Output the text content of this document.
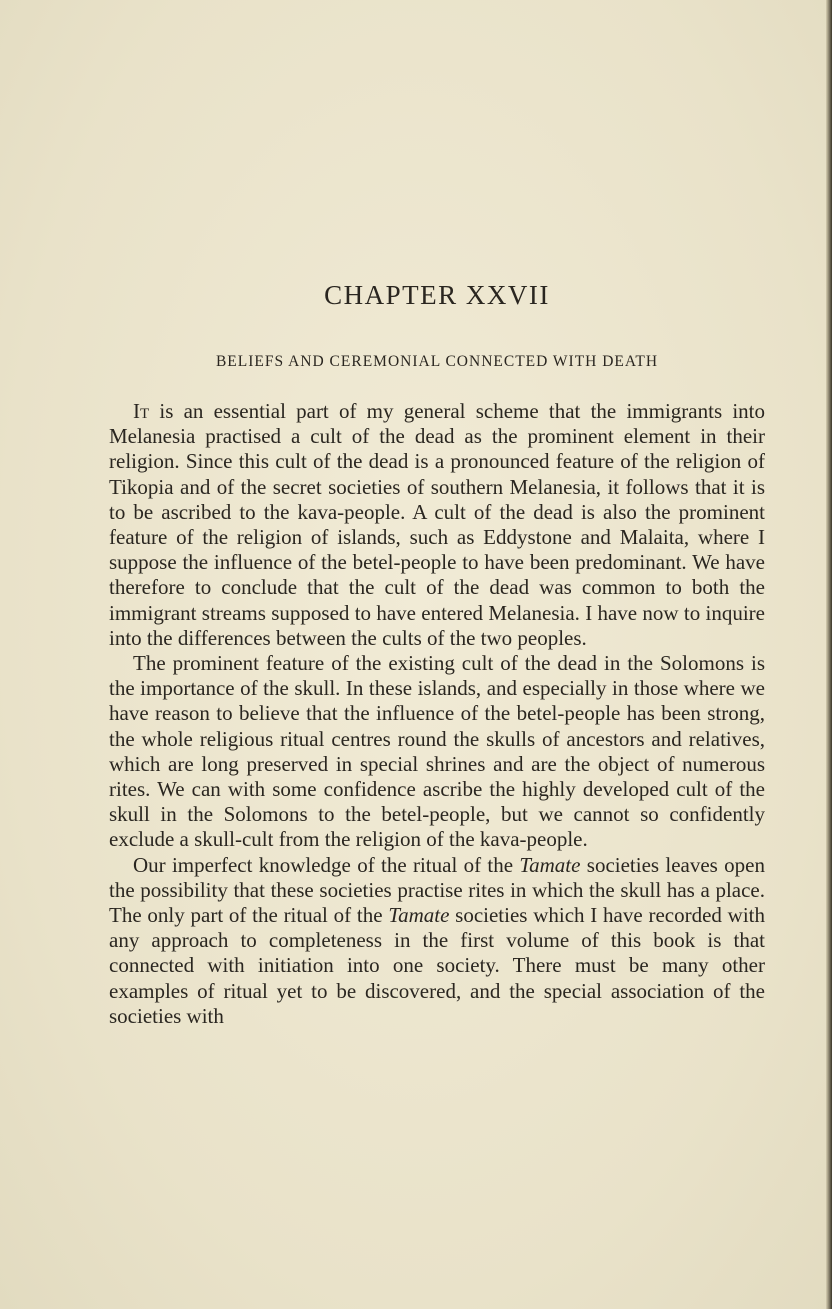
CHAPTER XXVII
BELIEFS AND CEREMONIAL CONNECTED WITH DEATH

It is an essential part of my general scheme that the immigrants into Melanesia practised a cult of the dead as the prominent element in their religion. Since this cult of the dead is a pronounced feature of the religion of Tikopia and of the secret societies of southern Melanesia, it follows that it is to be ascribed to the kava-people. A cult of the dead is also the prominent feature of the religion of islands, such as Eddystone and Malaita, where I suppose the influence of the betel-people to have been predominant. We have therefore to conclude that the cult of the dead was common to both the immigrant streams supposed to have entered Melanesia. I have now to inquire into the differences between the cults of the two peoples.

The prominent feature of the existing cult of the dead in the Solomons is the importance of the skull. In these islands, and especially in those where we have reason to believe that the influence of the betel-people has been strong, the whole religious ritual centres round the skulls of ancestors and relatives, which are long preserved in special shrines and are the object of numerous rites. We can with some confidence ascribe the highly developed cult of the skull in the Solomons to the betel-people, but we cannot so confidently exclude a skull-cult from the religion of the kava-people.

Our imperfect knowledge of the ritual of the Tamate societies leaves open the possibility that these societies practise rites in which the skull has a place. The only part of the ritual of the Tamate societies which I have recorded with any approach to completeness in the first volume of this book is that connected with initiation into one society. There must be many other examples of ritual yet to be discovered, and the special association of the societies with
